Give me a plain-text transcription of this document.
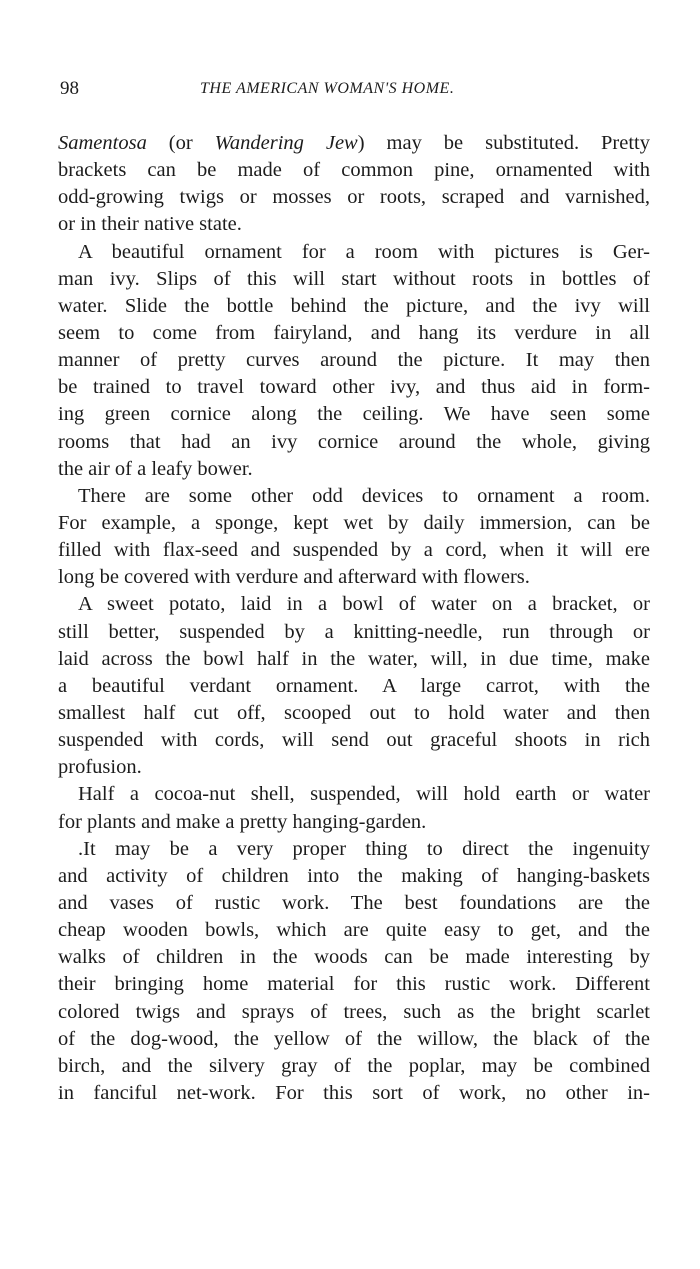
98	THE AMERICAN WOMAN'S HOME.
Samentosa (or Wandering Jew) may be substituted. Pretty
brackets can be made of common pine, ornamented with
odd-growing twigs or mosses or roots, scraped and varnished,
or in their native state.
A beautiful ornament for a room with pictures is Ger-
man ivy. Slips of this will start without roots in bottles of
water. Slide the bottle behind the picture, and the ivy will
seem to come from fairyland, and hang its verdure in all
manner of pretty curves around the picture. It may then
be trained to travel toward other ivy, and thus aid in form-
ing green cornice along the ceiling. We have seen some
rooms that had an ivy cornice around the whole, giving
the air of a leafy bower.
There are some other odd devices to ornament a room.
For example, a sponge, kept wet by daily immersion, can be
filled with flax-seed and suspended by a cord, when it will ere
long be covered with verdure and afterward with flowers.
A sweet potato, laid in a bowl of water on a bracket, or
still better, suspended by a knitting-needle, run through or
laid across the bowl half in the water, will, in due time, make
a beautiful verdant ornament. A large carrot, with the
smallest half cut off, scooped out to hold water and then
suspended with cords, will send out graceful shoots in rich
profusion.
Half a cocoa-nut shell, suspended, will hold earth or water
for plants and make a pretty hanging-garden.
.It may be a very proper thing to direct the ingenuity
and activity of children into the making of hanging-baskets
and vases of rustic work. The best foundations are the
cheap wooden bowls, which are quite easy to get, and the
walks of children in the woods can be made interesting by
their bringing home material for this rustic work. Different
colored twigs and sprays of trees, such as the bright scarlet
of the dog-wood, the yellow of the willow, the black of the
birch, and the silvery gray of the poplar, may be combined
in fanciful net-work. For this sort of work, no other in-
